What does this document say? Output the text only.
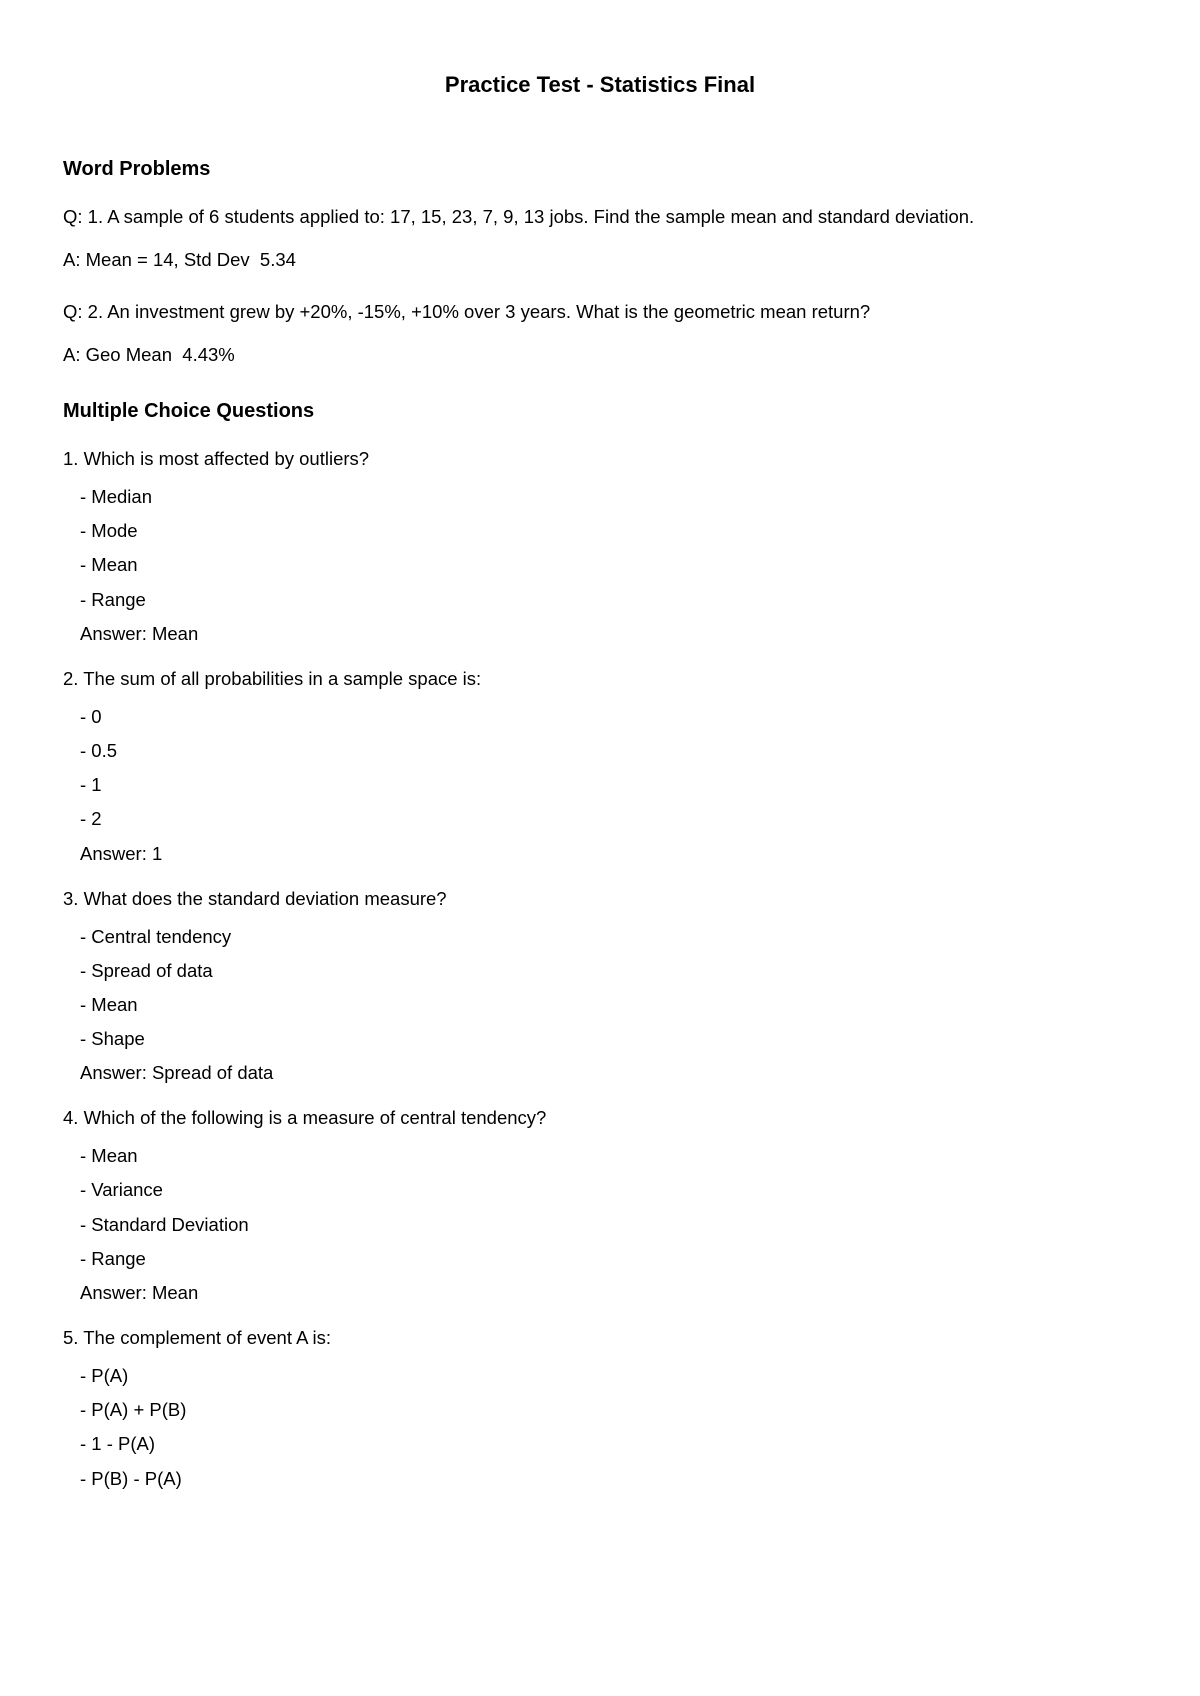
Practice Test - Statistics Final
Word Problems
Q: 1. A sample of 6 students applied to: 17, 15, 23, 7, 9, 13 jobs. Find the sample mean and standard deviation.
A: Mean = 14, Std Dev  5.34
Q: 2. An investment grew by +20%, -15%, +10% over 3 years. What is the geometric mean return?
A: Geo Mean  4.43%
Multiple Choice Questions
1. Which is most affected by outliers?
- Median
- Mode
- Mean
- Range
Answer: Mean
2. The sum of all probabilities in a sample space is:
- 0
- 0.5
- 1
- 2
Answer: 1
3. What does the standard deviation measure?
- Central tendency
- Spread of data
- Mean
- Shape
Answer: Spread of data
4. Which of the following is a measure of central tendency?
- Mean
- Variance
- Standard Deviation
- Range
Answer: Mean
5. The complement of event A is:
- P(A)
- P(A) + P(B)
- 1 - P(A)
- P(B) - P(A)
